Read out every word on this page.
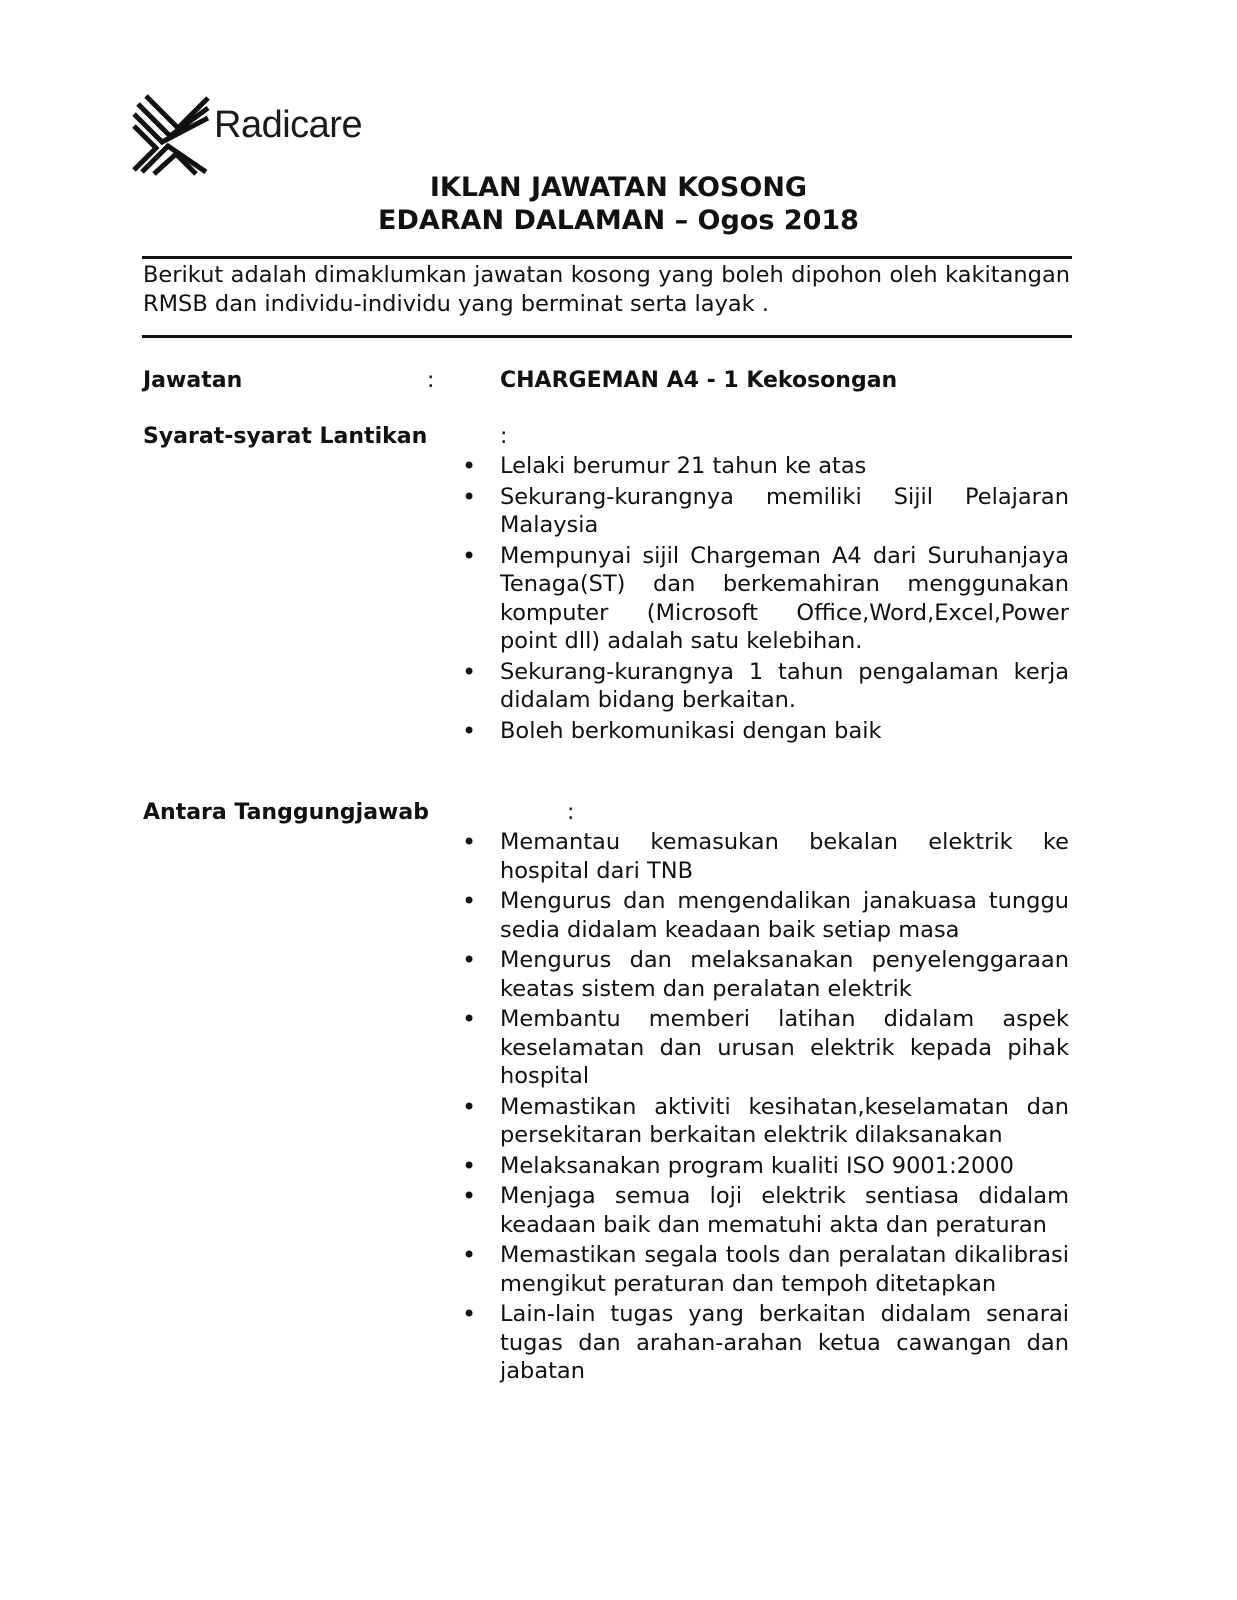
Radicare
IKLAN JAWATAN KOSONG
EDARAN DALAMAN – Ogos 2018
Berikut adalah dimaklumkan jawatan kosong yang boleh dipohon oleh kakitangan RMSB dan individu-individu yang berminat serta layak .
Jawatan	:	CHARGEMAN A4 - 1 Kekosongan
Syarat-syarat Lantikan	:
• Lelaki berumur 21 tahun ke atas
• Sekurang-kurangnya memiliki Sijil Pelajaran Malaysia
• Mempunyai sijil Chargeman A4 dari Suruhanjaya Tenaga(ST) dan berkemahiran menggunakan komputer (Microsoft Office,Word,Excel,Power point dll) adalah satu kelebihan.
• Sekurang-kurangnya 1 tahun pengalaman kerja didalam bidang berkaitan.
• Boleh berkomunikasi dengan baik
Antara Tanggungjawab	:
• Memantau kemasukan bekalan elektrik ke hospital dari TNB
• Mengurus dan mengendalikan janakuasa tunggu sedia didalam keadaan baik setiap masa
• Mengurus dan melaksanakan penyelenggaraan keatas sistem dan peralatan elektrik
• Membantu memberi latihan didalam aspek keselamatan dan urusan elektrik kepada pihak hospital
• Memastikan aktiviti kesihatan,keselamatan dan persekitaran berkaitan elektrik dilaksanakan
• Melaksanakan program kualiti ISO 9001:2000
• Menjaga semua loji elektrik sentiasa didalam keadaan baik dan mematuhi akta dan peraturan
• Memastikan segala tools dan peralatan dikalibrasi mengikut peraturan dan tempoh ditetapkan
• Lain-lain tugas yang berkaitan didalam senarai tugas dan arahan-arahan ketua cawangan dan jabatan
